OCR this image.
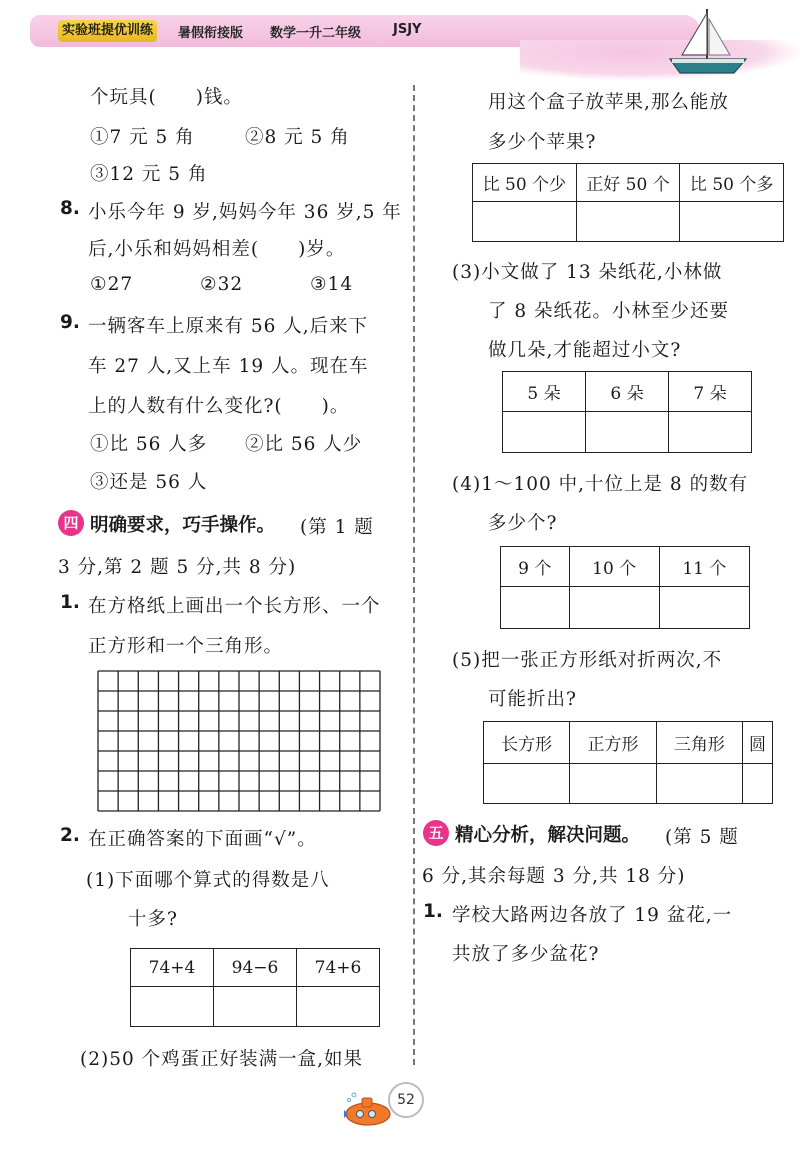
实验班提优训练	暑假衔接版 数学一升二年级 JSJY
个玩具(　　)钱。
①7 元 5 角	②8 元 5 角
③12 元 5 角
8. 小乐今年 9 岁,妈妈今年 36 岁,5 年
后,小乐和妈妈相差(　　)岁。
①27	②32	③14
9. 一辆客车上原来有 56 人,后来下
车 27 人,又上车 19 人。现在车
上的人数有什么变化?(　　)。
①比 56 人多 ②比 56 人少
③还是 56 人
四 明确要求，巧手操作。 (第 1 题
3 分,第 2 题 5 分,共 8 分)
1. 在方格纸上画出一个长方形、一个
正方形和一个三角形。
2. 在正确答案的下面画“√”。
(1)下面哪个算式的得数是八
十多?
74+4	94−6	74+6

(2)50 个鸡蛋正好装满一盒,如果
用这个盒子放苹果,那么能放
多少个苹果?
比 50 个少	正好 50 个	比 50 个多

(3)小文做了 13 朵纸花,小林做
了 8 朵纸花。小林至少还要
做几朵,才能超过小文?
5 朵	6 朵	7 朵

(4)1～100 中,十位上是 8 的数有
多少个?
9 个	10 个	11 个

(5)把一张正方形纸对折两次,不
可能折出?
长方形	正方形	三角形	圆

五 精心分析，解决问题。 (第 5 题
6 分,其余每题 3 分,共 18 分)
1. 学校大路两边各放了 19 盆花,一
共放了多少盆花?
52
